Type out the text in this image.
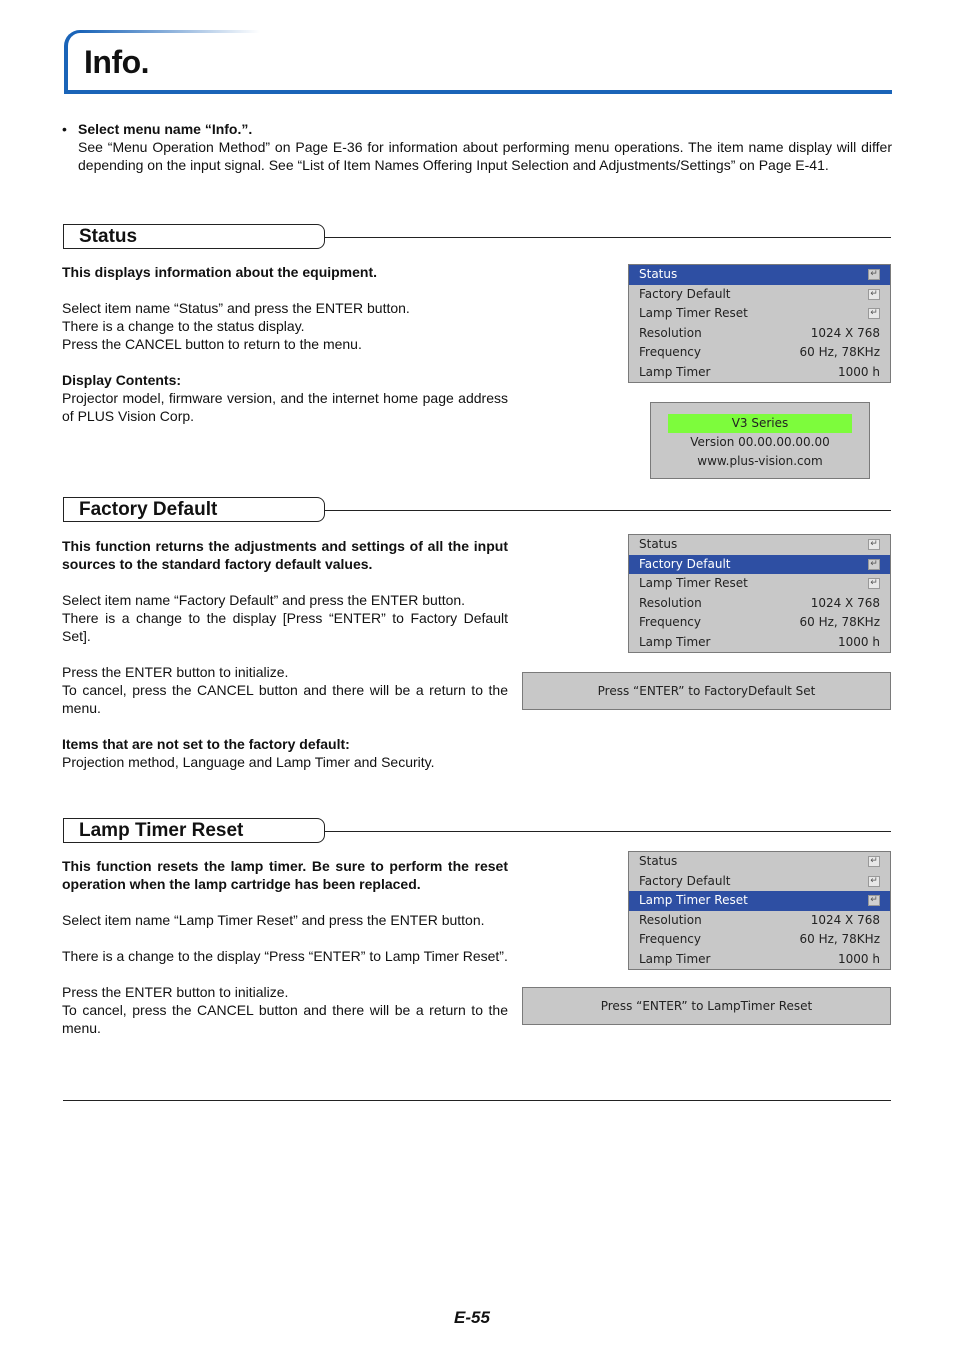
Info.
• Select menu name “Info.”.
See “Menu Operation Method” on Page E-36 for information about performing menu operations. The item name display will differ depending on the input signal. See “List of Item Names Offering Input Selection and Adjustments/Settings” on Page E-41.
Status

This displays information about the equipment.

Select item name “Status” and press the ENTER button.

There is a change to the status display.

Press the CANCEL button to return to the menu.

Display Contents:

Projector model, firmware version, and the internet home page address of PLUS Vision Corp.

Status	↵
Factory Default	↵
Lamp Timer Reset	↵
Resolution	1024 X 768
Frequency	60 Hz, 78KHz
Lamp Timer	1000 h
V3 Series
Version 00.00.00.00.00
www.plus-vision.com
Factory Default

This function returns the adjustments and settings of all the input sources to the standard factory default values.

Select item name “Factory Default” and press the ENTER button.

There is a change to the display [Press “ENTER” to Factory Default Set].

Press the ENTER button to initialize.

To cancel, press the CANCEL button and there will be a return to the menu.

Items that are not set to the factory default:

Projection method, Language and Lamp Timer and Security.

Status	↵
Factory Default	↵
Lamp Timer Reset	↵
Resolution	1024 X 768
Frequency	60 Hz, 78KHz
Lamp Timer	1000 h
Press “ENTER” to FactoryDefault Set
Lamp Timer Reset

This function resets the lamp timer. Be sure to perform the reset operation when the lamp cartridge has been replaced.

Select item name “Lamp Timer Reset” and press the ENTER button.

There is a change to the display “Press “ENTER” to Lamp Timer Reset”.

Press the ENTER button to initialize.

To cancel, press the CANCEL button and there will be a return to the menu.

Status	↵
Factory Default	↵
Lamp Timer Reset	↵
Resolution	1024 X 768
Frequency	60 Hz, 78KHz
Lamp Timer	1000 h
Press “ENTER” to LampTimer Reset
E-55
